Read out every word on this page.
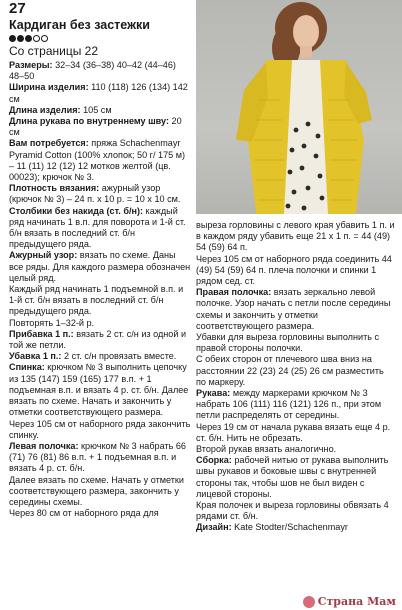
27
Кардиган без застежки
Со страницы 22

Размеры: 32–34 (36–38) 40–42 (44–46) 48–50

Ширина изделия: 110 (118) 126 (134) 142 см

Длина изделия: 105 см

Длина рукава по внутреннему шву: 20 см

Вам потребуется: пряжа Schachenmayr Pyramid Cotton (100% хлопок; 50 г/ 175 м) – 11 (11) 12 (12) 12 мотков желтой (цв. 00023); крючок № 3.

Плотность вязания: ажурный узор (крючок № 3) – 24 п. х 10 р. = 10 х 10 см.

Столбики без накида (ст. б/н): каждый ряд начинать 1 в.п. для поворота и 1-й ст. б/н вязать в последний ст. б/н предыдущего ряда.

Ажурный узор: вязать по схеме. Даны все ряды. Для каждого размера обозначен целый ряд.

Каждый ряд начинать 1 подъемной в.п. и 1-й ст. б/н вязать в последний ст. б/н предыдущего ряда.

Повторять 1–32-й р.

Прибавка 1 п.: вязать 2 ст. с/н из одной и той же петли.

Убавка 1 п.: 2 ст. с/н провязать вместе.

Спинка: крючком № 3 выполнить цепочку из 135 (147) 159 (165) 177 в.п. + 1 подъемная в.п. и вязать 4 р. ст. б/н. Далее вязать по схеме. Начать и закончить у отметки соответствующего размера.

Через 105 см от наборного ряда закончить спинку.

Левая полочка: крючком № 3 набрать 66 (71) 76 (81) 86 в.п. + 1 подъемная в.п. и вязать 4 р. ст. б/н.

Далее вязать по схеме. Начать у отметки соответствующего размера, закончить у середины схемы.

Через 80 см от наборного ряда для

выреза горловины с левого края убавить 1 п. и в каждом ряду убавить еще 21 х 1 п. = 44 (49) 54 (59) 64 п.

Через 105 см от наборного ряда соединить 44 (49) 54 (59) 64 п. плеча полочки и спинки 1 рядом сед. ст.

Правая полочка: вязать зеркально левой полочке. Узор начать с петли после середины схемы и закончить у отметки соответствующего размера.

Убавки для выреза горловины выполнить с правой стороны полочки.

С обеих сторон от плечевого шва вниз на расстоянии 22 (23) 24 (25) 26 см разместить по маркеру.

Рукава: между маркерами крючком № 3 набрать 106 (111) 116 (121) 126 п., при этом петли распределять от середины.

Через 19 см от начала рукава вязать еще 4 р. ст. б/н. Нить не обрезать.

Второй рукав вязать аналогично.

Сборка: рабочей нитью от рукава выполнить швы рукавов и боковые швы с внутренней стороны так, чтобы шов не был виден с лицевой стороны.

Края полочек и выреза горловины обвязать 4 рядами ст. б/н.

Дизайн: Kate Stodter/Schachenmayr

Страна Мам
